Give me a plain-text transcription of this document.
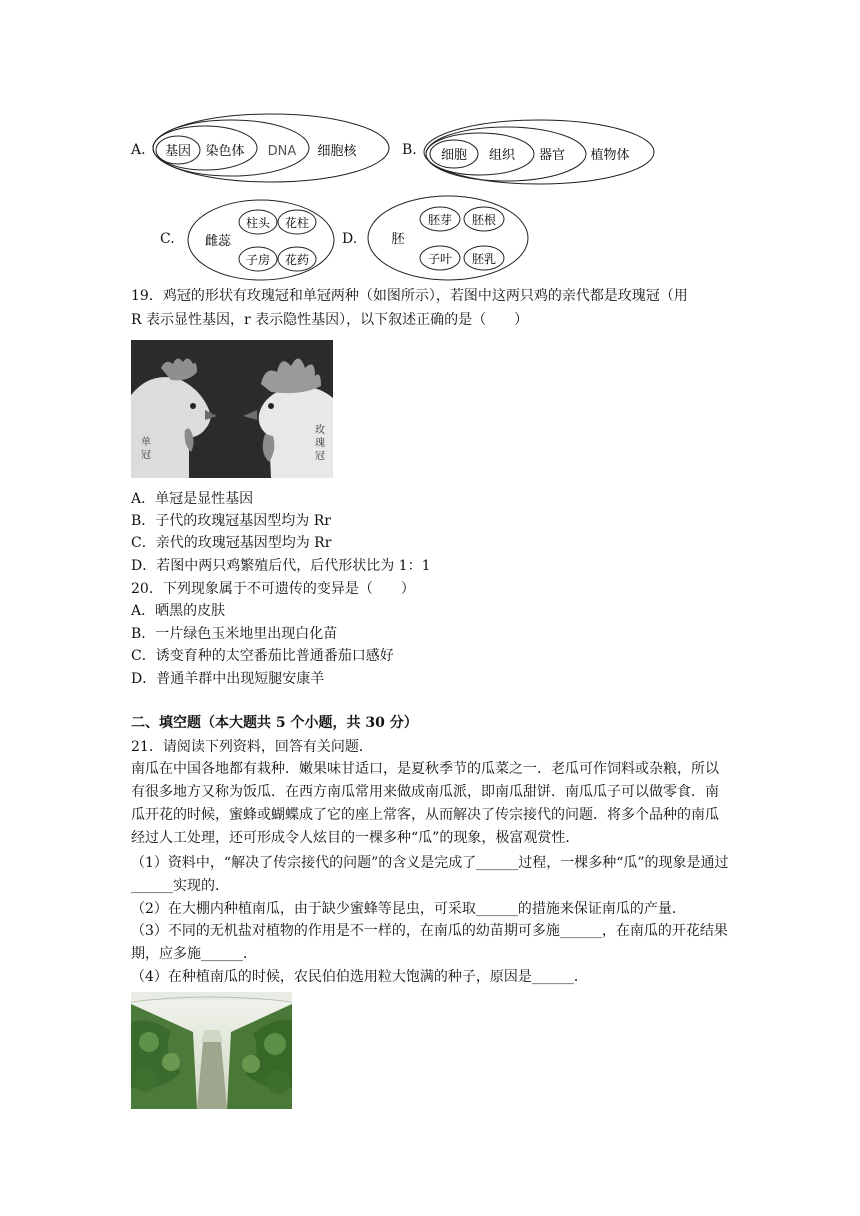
A. 基因 染色体 DNA 细胞核	B. 细胞 组织 器官 植物体
C. 雌蕊
柱头 花柱
子房 花药
D.	胚
胚芽 胚根
子叶 胚乳
19．鸡冠的形状有玫瑰冠和单冠两种（如图所示），若图中这两只鸡的亲代都是玫瑰冠（用
R 表示显性基因，r 表示隐性基因），以下叙述正确的是（　　）
单冠
玫瑰冠
A．单冠是显性基因
B．子代的玫瑰冠基因型均为 Rr
C．亲代的玫瑰冠基因型均为 Rr
D．若图中两只鸡繁殖后代，后代形状比为 1：1
20．下列现象属于不可遗传的变异是（　　）
A．晒黑的皮肤
B．一片绿色玉米地里出现白化苗
C．诱变育种的太空番茄比普通番茄口感好
D．普通羊群中出现短腿安康羊
二、填空题（本大题共 5 个小题，共 30 分）
21．请阅读下列资料，回答有关问题．
南瓜在中国各地都有栽种．嫩果味甘适口，是夏秋季节的瓜菜之一．老瓜可作饲料或杂粮，所以有很多地方又称为饭瓜．在西方南瓜常用来做成南瓜派，即南瓜甜饼．南瓜瓜子可以做零食．南瓜开花的时候，蜜蜂或蝴蝶成了它的座上常客，从而解决了传宗接代的问题．将多个品种的南瓜经过人工处理，还可形成令人炫目的一棵多种“瓜”的现象，极富观赏性．
（1）资料中，“解决了传宗接代的问题”的含义是完成了______过程，一棵多种“瓜”的现象是通过______实现的．
（2）在大棚内种植南瓜，由于缺少蜜蜂等昆虫，可采取______的措施来保证南瓜的产量．
（3）不同的无机盐对植物的作用是不一样的，在南瓜的幼苗期可多施______，在南瓜的开花结果期，应多施______．
（4）在种植南瓜的时候，农民伯伯选用粒大饱满的种子，原因是______．
